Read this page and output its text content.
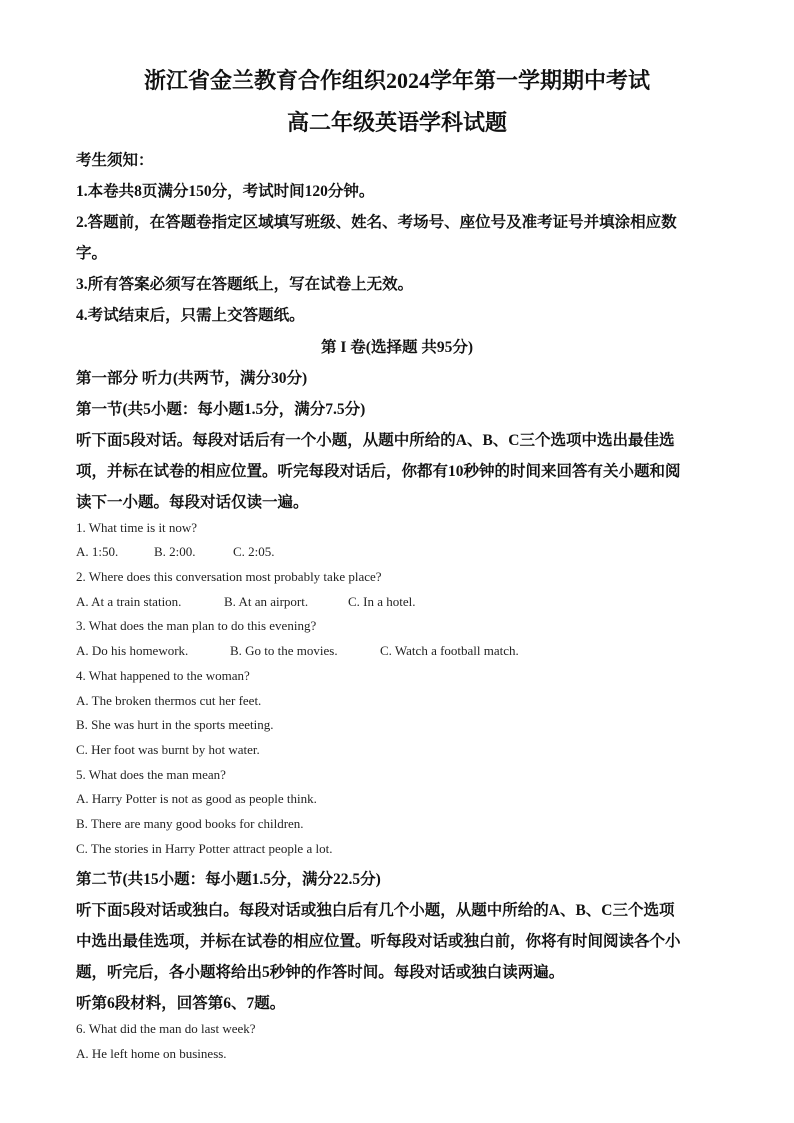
浙江省金兰教育合作组织2024学年第一学期期中考试
高二年级英语学科试题
考生须知：
1.本卷共8页满分150分，考试时间120分钟。
2.答题前，在答题卷指定区域填写班级、姓名、考场号、座位号及准考证号并填涂相应数
字。
3.所有答案必须写在答题纸上，写在试卷上无效。
4.考试结束后，只需上交答题纸。
第 I 卷(选择题 共95分)
第一部分 听力(共两节，满分30分)
第一节(共5小题：每小题1.5分，满分7.5分)
听下面5段对话。每段对话后有一个小题，从题中所给的A、B、C三个选项中选出最佳选
项，并标在试卷的相应位置。听完每段对话后，你都有10秒钟的时间来回答有关小题和阅
读下一小题。每段对话仅读一遍。
1. What time is it now?
A. 1:50.	B. 2:00.	C. 2:05.
2. Where does this conversation most probably take place?
A. At a train station.	B. At an airport.	C. In a hotel.
3. What does the man plan to do this evening?
A. Do his homework.	B. Go to the movies.	C. Watch a football match.
4. What happened to the woman?
A. The broken thermos cut her feet.
B. She was hurt in the sports meeting.
C. Her foot was burnt by hot water.
5. What does the man mean?
A. Harry Potter is not as good as people think.
B. There are many good books for children.
C. The stories in Harry Potter attract people a lot.
第二节(共15小题：每小题1.5分，满分22.5分)
听下面5段对话或独白。每段对话或独白后有几个小题，从题中所给的A、B、C三个选项
中选出最佳选项，并标在试卷的相应位置。听每段对话或独白前，你将有时间阅读各个小
题，听完后，各小题将给出5秒钟的作答时间。每段对话或独白读两遍。
听第6段材料，回答第6、7题。
6. What did the man do last week?
A. He left home on business.
